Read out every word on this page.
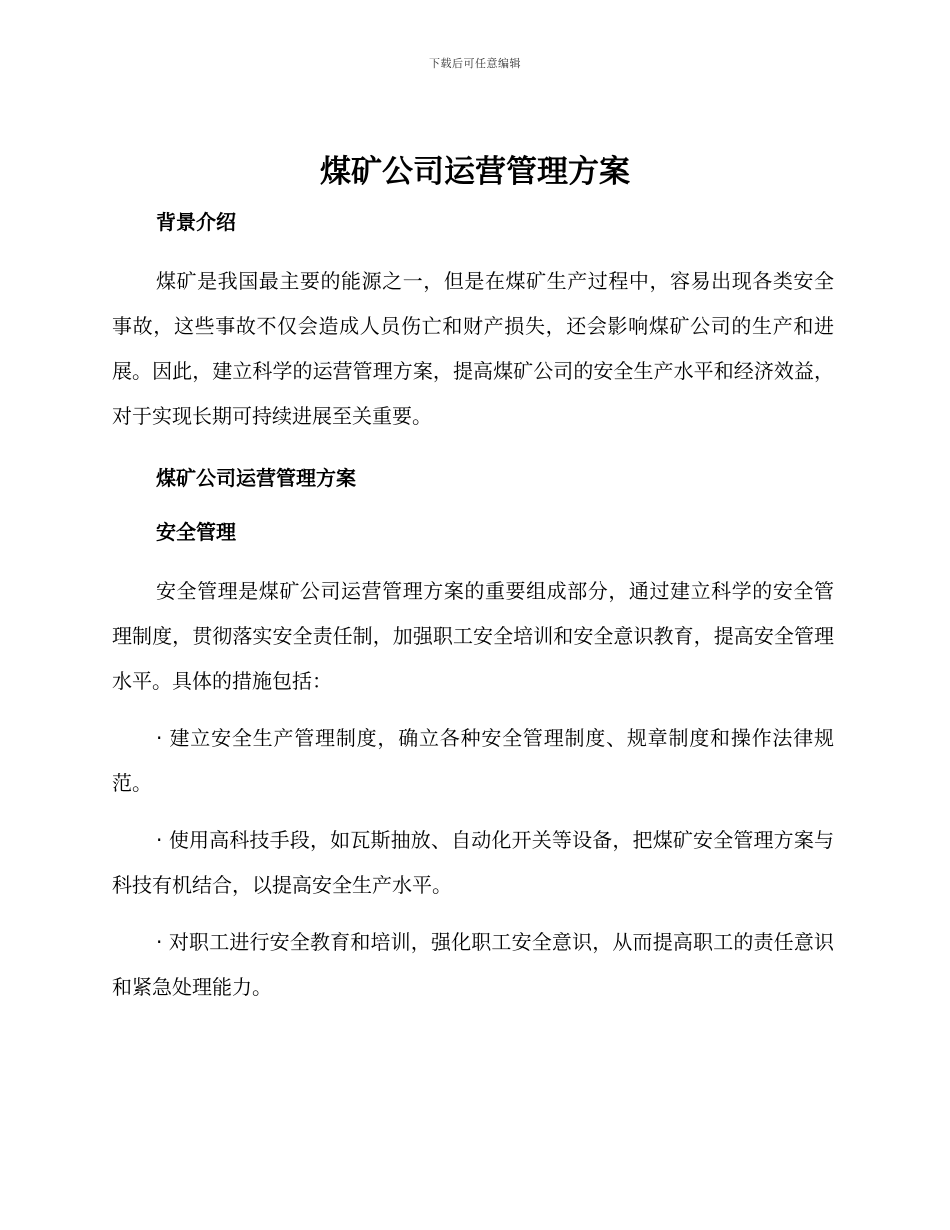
下载后可任意编辑
煤矿公司运营管理方案
背景介绍

煤矿是我国最主要的能源之一，但是在煤矿生产过程中，容易出现各类安全事故，这些事故不仅会造成人员伤亡和财产损失，还会影响煤矿公司的生产和进展。因此，建立科学的运营管理方案，提高煤矿公司的安全生产水平和经济效益，对于实现长期可持续进展至关重要。

煤矿公司运营管理方案
安全管理

安全管理是煤矿公司运营管理方案的重要组成部分，通过建立科学的安全管理制度，贯彻落实安全责任制，加强职工安全培训和安全意识教育，提高安全管理水平。具体的措施包括：

· 建立安全生产管理制度，确立各种安全管理制度、规章制度和操作法律规范。

· 使用高科技手段，如瓦斯抽放、自动化开关等设备，把煤矿安全管理方案与科技有机结合，以提高安全生产水平。

· 对职工进行安全教育和培训，强化职工安全意识，从而提高职工的责任意识和紧急处理能力。
